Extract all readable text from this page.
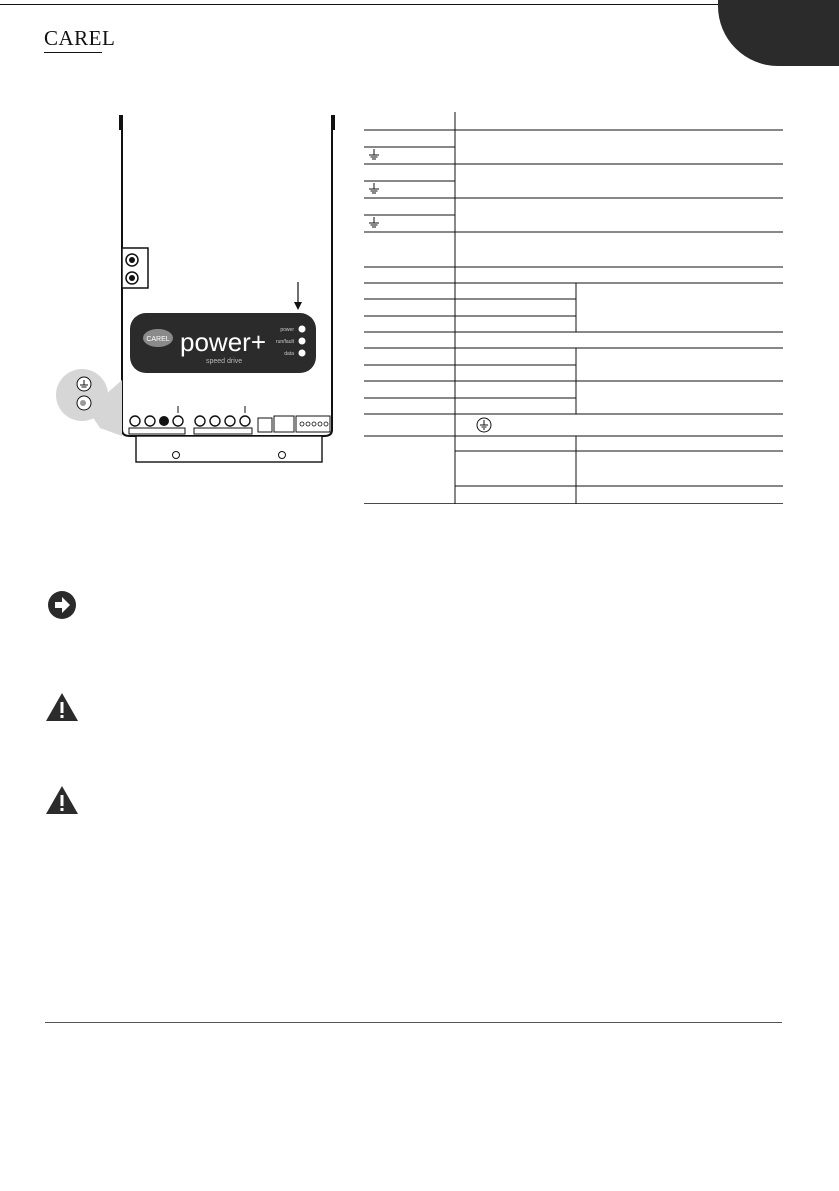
CAREL
CAREL power+
speed drive
power
run/fault
data
